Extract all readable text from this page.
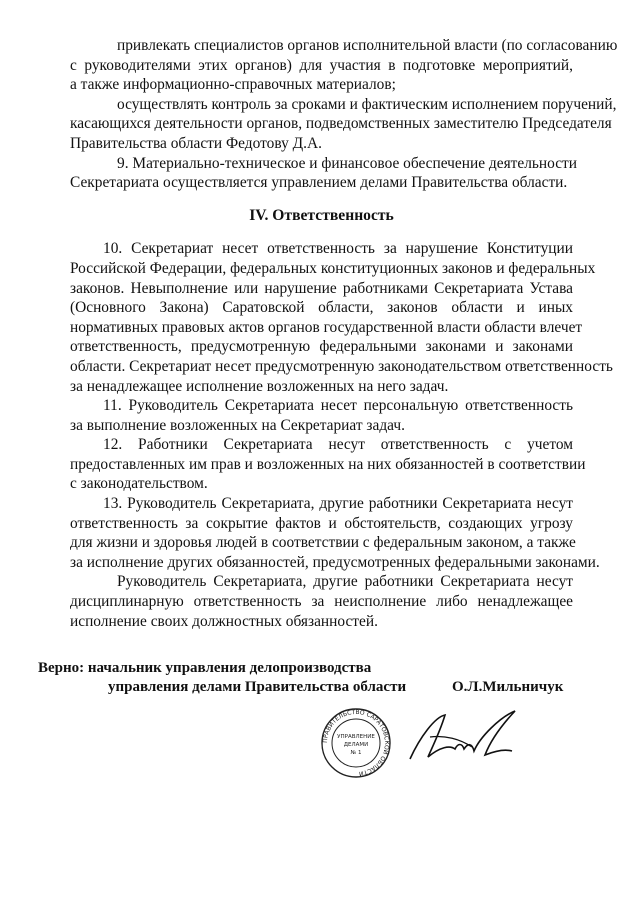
привлекать специалистов органов исполнительной власти (по согласованию
с руководителями этих органов) для участия в подготовке мероприятий,
а также информационно-справочных материалов;
осуществлять контроль за сроками и фактическим исполнением поручений,
касающихся деятельности органов, подведомственных заместителю Председателя
Правительства области Федотову Д.А.
9. Материально-техническое и финансовое обеспечение деятельности
Секретариата осуществляется управлением делами Правительства области.
IV. Ответственность
10. Секретариат несет ответственность за нарушение Конституции
Российской Федерации, федеральных конституционных законов и федеральных
законов. Невыполнение или нарушение работниками Секретариата Устава
(Основного Закона) Саратовской области, законов области и иных
нормативных правовых актов органов государственной власти области влечет
ответственность, предусмотренную федеральными законами и законами
области. Секретариат несет предусмотренную законодательством ответственность
за ненадлежащее исполнение возложенных на него задач.
11. Руководитель Секретариата несет персональную ответственность
за выполнение возложенных на Секретариат задач.
12. Работники Секретариата несут ответственность с учетом
предоставленных им прав и возложенных на них обязанностей в соответствии
с законодательством.
13. Руководитель Секретариата, другие работники Секретариата несут
ответственность за сокрытие фактов и обстоятельств, создающих угрозу
для жизни и здоровья людей в соответствии с федеральным законом, а также
за исполнение других обязанностей, предусмотренных федеральными законами.
Руководитель Секретариата, другие работники Секретариата несут
дисциплинарную ответственность за неисполнение либо ненадлежащее
исполнение своих должностных обязанностей.
Верно: начальник управления делопроизводства
управления делами Правительства области	О.Л.Мильничук
ПРАВИТЕЛЬСТВО САРАТОВСКОЙ ОБЛАСТИ
УПРАВЛЕНИЕ
ДЕЛАМИ
№ 1
